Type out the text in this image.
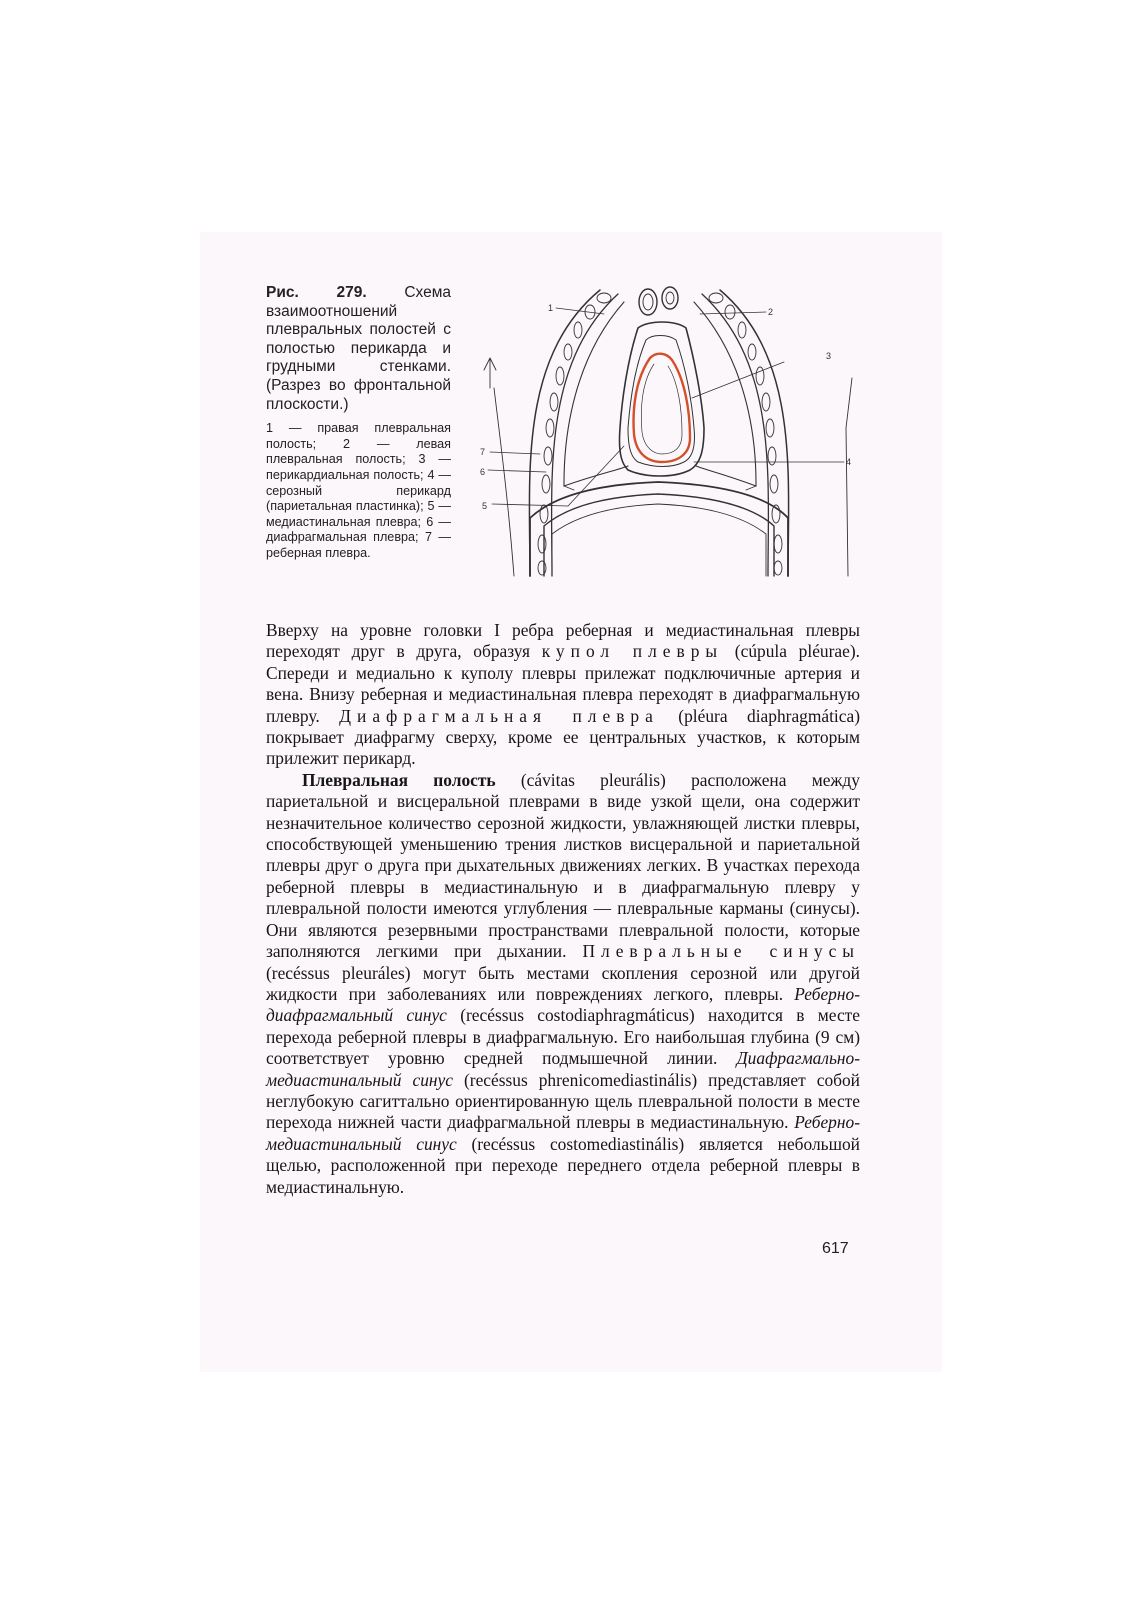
Рис. 279. Схема взаимоотношений плевральных полостей с полостью перикарда и грудными стенками. (Разрез во фронтальной плоскости.)

1 — правая плевральная полость; 2 — левая плевральная полость; 3 — перикардиальная полость; 4 — серозный перикард (париетальная пластинка); 5 — медиастинальная плевра; 6 — диафрагмальная плевра; 7 — реберная плевра.

1	2
3
4
5
6
7

Вверху на уровне головки I ребра реберная и медиастинальная плевры переходят друг в друга, образуя купол плевры (cúpula pléurae). Спереди и медиально к куполу плевры прилежат подключичные артерия и вена. Внизу реберная и медиастинальная плевра переходят в диафрагмальную плевру. Диафрагмальная плевра (pléura diaphragmática) покрывает диафрагму сверху, кроме ее центральных участков, к которым прилежит перикард.

Плевральная полость (cávitas pleurális) расположена между париетальной и висцеральной плеврами в виде узкой щели, она содержит незначительное количество серозной жидкости, увлажняющей листки плевры, способствующей уменьшению трения листков висцеральной и париетальной плевры друг о друга при дыхательных движениях легких. В участках перехода реберной плевры в медиастинальную и в диафрагмальную плевру у плевральной полости имеются углубления — плевральные карманы (синусы). Они являются резервными пространствами плевральной полости, которые заполняются легкими при дыхании. Плевральные синусы (recéssus pleuráles) могут быть местами скопления серозной или другой жидкости при заболеваниях или повреждениях легкого, плевры. Реберно-диафрагмальный синус (recéssus costodiaphragmáticus) находится в месте перехода реберной плевры в диафрагмальную. Его наибольшая глубина (9 см) соответствует уровню средней подмышечной линии. Диафрагмально-медиастинальный синус (recéssus phrenicomediastinális) представляет собой неглубокую сагиттально ориентированную щель плевральной полости в месте перехода нижней части диафрагмальной плевры в медиастинальную. Реберно-медиастинальный синус (recéssus costomediastinális) является небольшой щелью, расположенной при переходе переднего отдела реберной плевры в медиастинальную.

617
